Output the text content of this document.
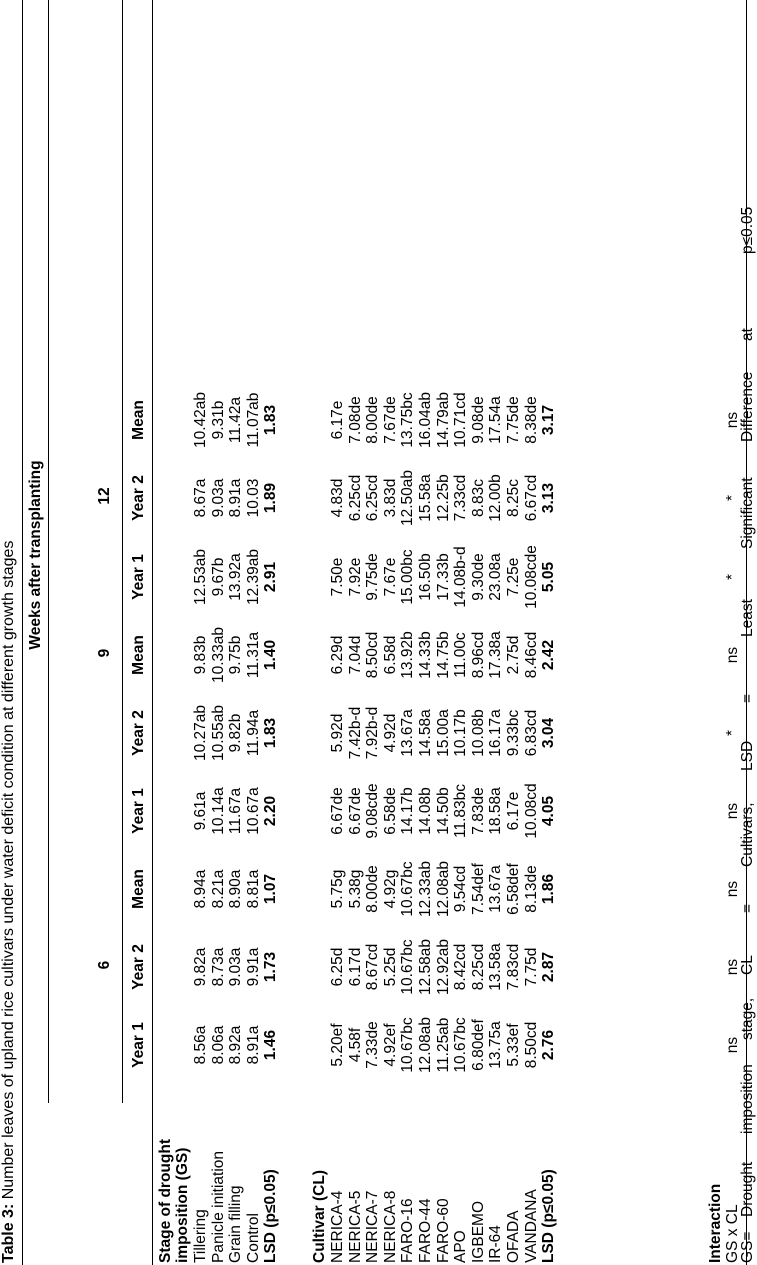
Table 3: Number leaves of upland rice cultivars under water deficit condition at different growth stages Weeks after transplanting
6
9
12
Year 1
Year 2
Mean
Year 1
Year 2
Mean
Year 1
Year 2
Mean
Stage of drought imposition (GS) Tillering
8.56a
9.82a
8.94a
9.61a
10.27ab
9.83b
12.53ab
8.67a
10.42ab
Panicle initiation
8.06a
8.73a
8.21a
10.14a
10.55ab
10.33ab
9.67b
9.03a
9.31b
Grain filling
8.92a
9.03a
8.90a
11.67a
9.82b
9.75b
13.92a
8.91a
11.42a
Control
8.91a
9.91a
8.81a
10.67a
11.94a
11.31a
12.39ab
10.03
11.07ab
LSD (p≤0.05)
1.46
1.73
1.07
2.20
1.83
1.40
2.91
1.89
1.83
Cultivar (CL) NERICA-4
5.20ef
6.25d
5.75g
6.67de
5.92d
6.29d
7.50e
4.83d
6.17e
NERICA-5
4.58f
6.17d
5.38g
6.67de
7.42b-d
7.04d
7.92e
6.25cd
7.08de
NERICA-7
7.33de
8.67cd
8.00de
9.08cde
7.92b-d
8.50cd
9.75de
6.25cd
8.00de
NERICA-8
4.92ef
5.25d
4.92g
6.58de
4.92d
6.58d
7.67e
3.83d
7.67de
FARO-16
10.67bc
10.67bc
10.67bc
14.17b
13.67a
13.92b
15.00bc
12.50ab
13.75bc
FARO-44
12.08ab
12.58ab
12.33ab
14.08b
14.58a
14.33b
16.50b
15.58a
16.04ab
FARO-60
11.25ab
12.92ab
12.08ab
14.50b
15.00a
14.75b
17.33b
12.25b
14.79ab
APO
10.67bc
8.42cd
9.54cd
11.83bc
10.17b
11.00c
14.08b-d
7.33cd
10.71cd
IGBEMO
6.80def
8.25cd
7.54def
7.83de
10.08b
8.96cd
9.30de
8.83c
9.08de
IR-64
13.75a
13.58a
13.67a
18.58a
16.17a
17.38a
23.08a
12.00b
17.54a
OFADA
5.33ef
7.83cd
6.58def
6.17e
9.33bc
2.75d
7.25e
8.25c
7.75de
VANDANA
8.50cd
7.75d
8.13de
10.08cd
6.83cd
8.46cd
10.08cde
6.67cd
8.38de
LSD (p≤0.05)
2.76
2.87
1.86
4.05
3.04
2.42
5.05
3.13
3.17
Interaction GS x CL
ns
ns
ns
ns
*
ns
*
*
ns
GS=
Drought
imposition
stage,
CL
=
Cultivars,
LSD
=
Least
Significant
Difference
at
p≤0.05
